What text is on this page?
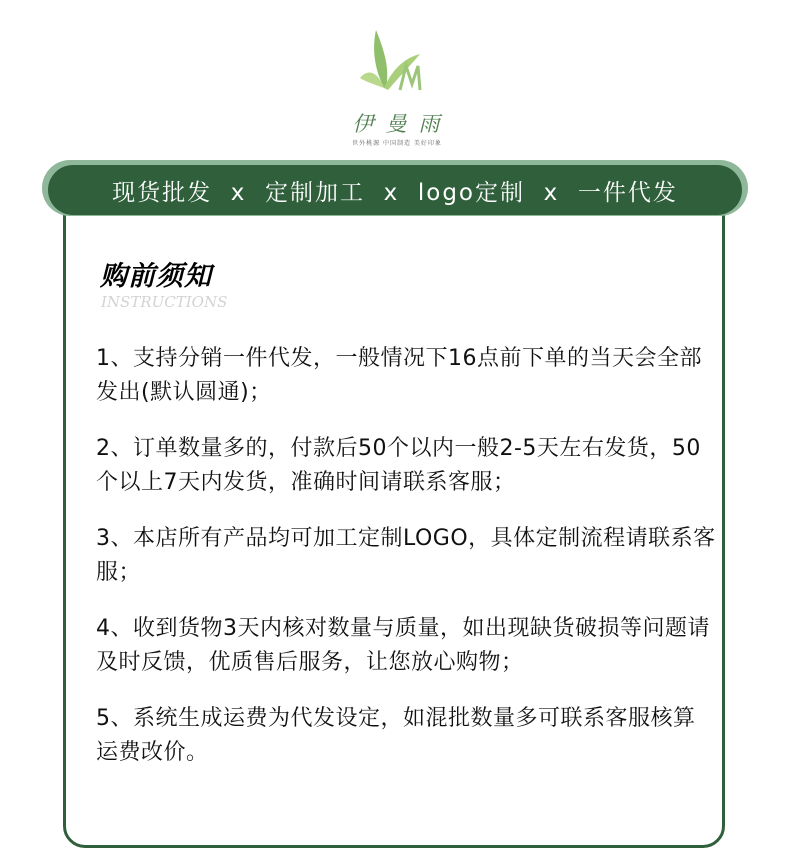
伊曼雨
世外桃源 中国制造 美好印象
现货批发  x  定制加工  x  logo定制  x  一件代发
购前须知
INSTRUCTIONS
1、支持分销一件代发，一般情况下16点前下单的当天会全部发出(默认圆通)；
2、订单数量多的，付款后50个以内一般2-5天左右发货，50个以上7天内发货，准确时间请联系客服；
3、本店所有产品均可加工定制LOGO，具体定制流程请联系客服；
4、收到货物3天内核对数量与质量，如出现缺货破损等问题请及时反馈，优质售后服务，让您放心购物；
5、系统生成运费为代发设定，如混批数量多可联系客服核算运费改价。
